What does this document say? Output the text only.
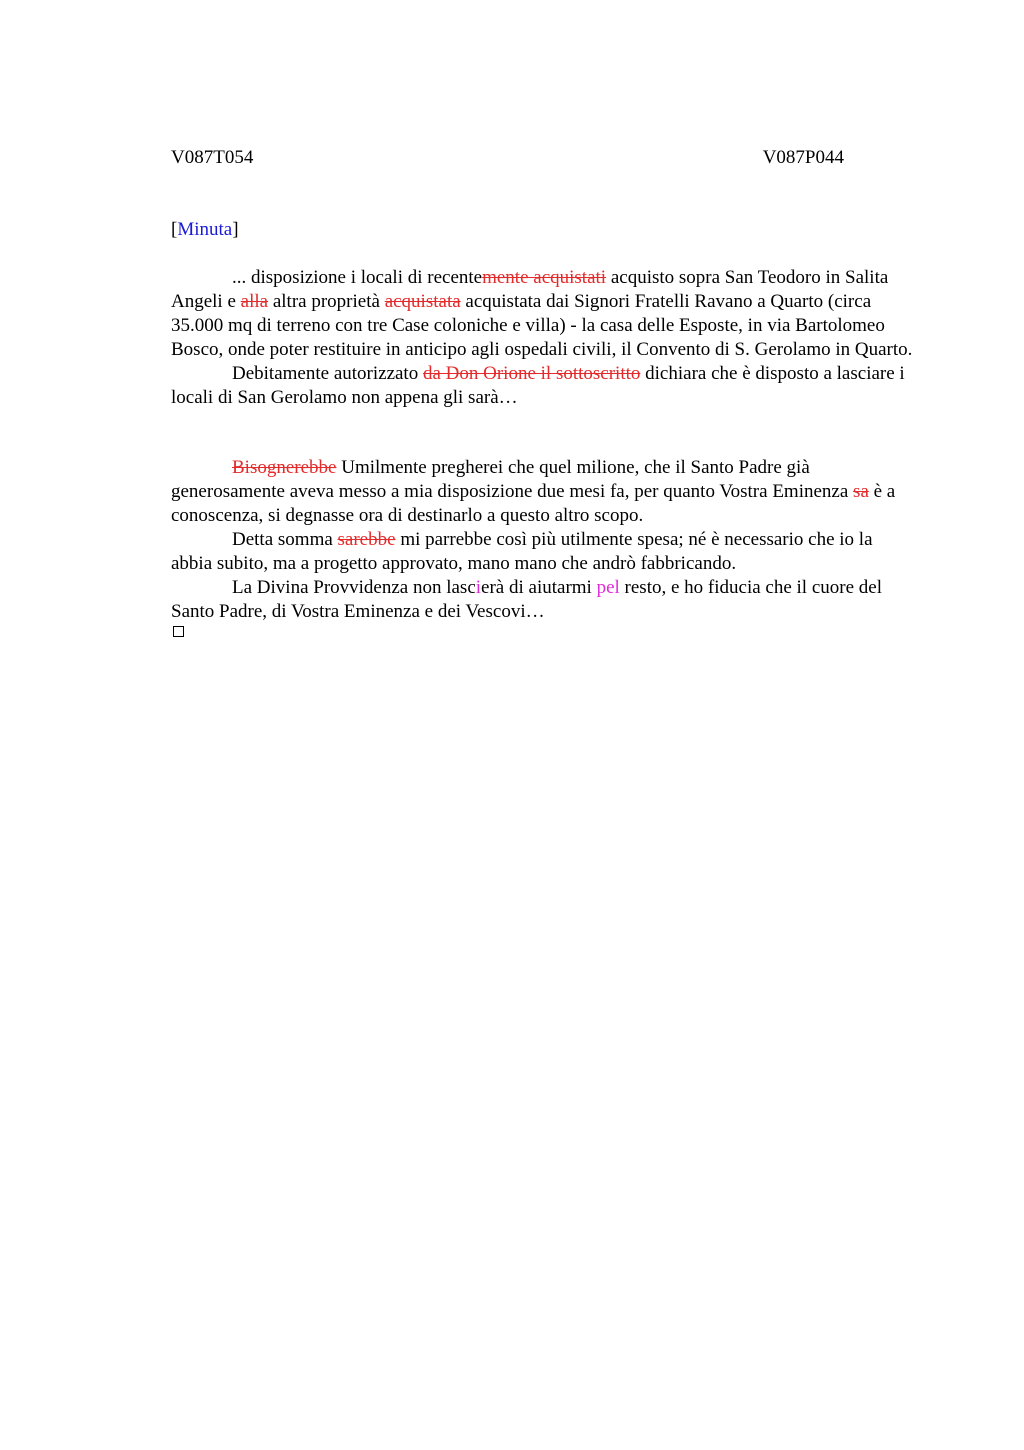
V087T054	V087P044
[Minuta]

... disposizione i locali di recentemente acquistati acquisto sopra San Teodoro in Salita Angeli e alla altra proprietà acquistata acquistata dai Signori Fratelli Ravano a Quarto (circa 35.000 mq di terreno con tre Case coloniche e villa) - la casa delle Esposte, in via Bartolomeo Bosco, onde poter restituire in anticipo agli ospedali civili, il Convento di S. Gerolamo in Quarto.

Debitamente autorizzato da Don Orione il sottoscritto dichiara che è disposto a lasciare i locali di San Gerolamo non appena gli sarà…

Bisognerebbe Umilmente pregherei che quel milione, che il Santo Padre già generosamente aveva messo a mia disposizione due mesi fa, per quanto Vostra Eminenza sa è a conoscenza, si degnasse ora di destinarlo a questo altro scopo.

Detta somma sarebbe mi parrebbe così più utilmente spesa; né è necessario che io la abbia subito, ma a progetto approvato, mano mano che andrò fabbricando.

La Divina Provvidenza non lascierà di aiutarmi pel resto, e ho fiducia che il cuore del Santo Padre, di Vostra Eminenza e dei Vescovi…
